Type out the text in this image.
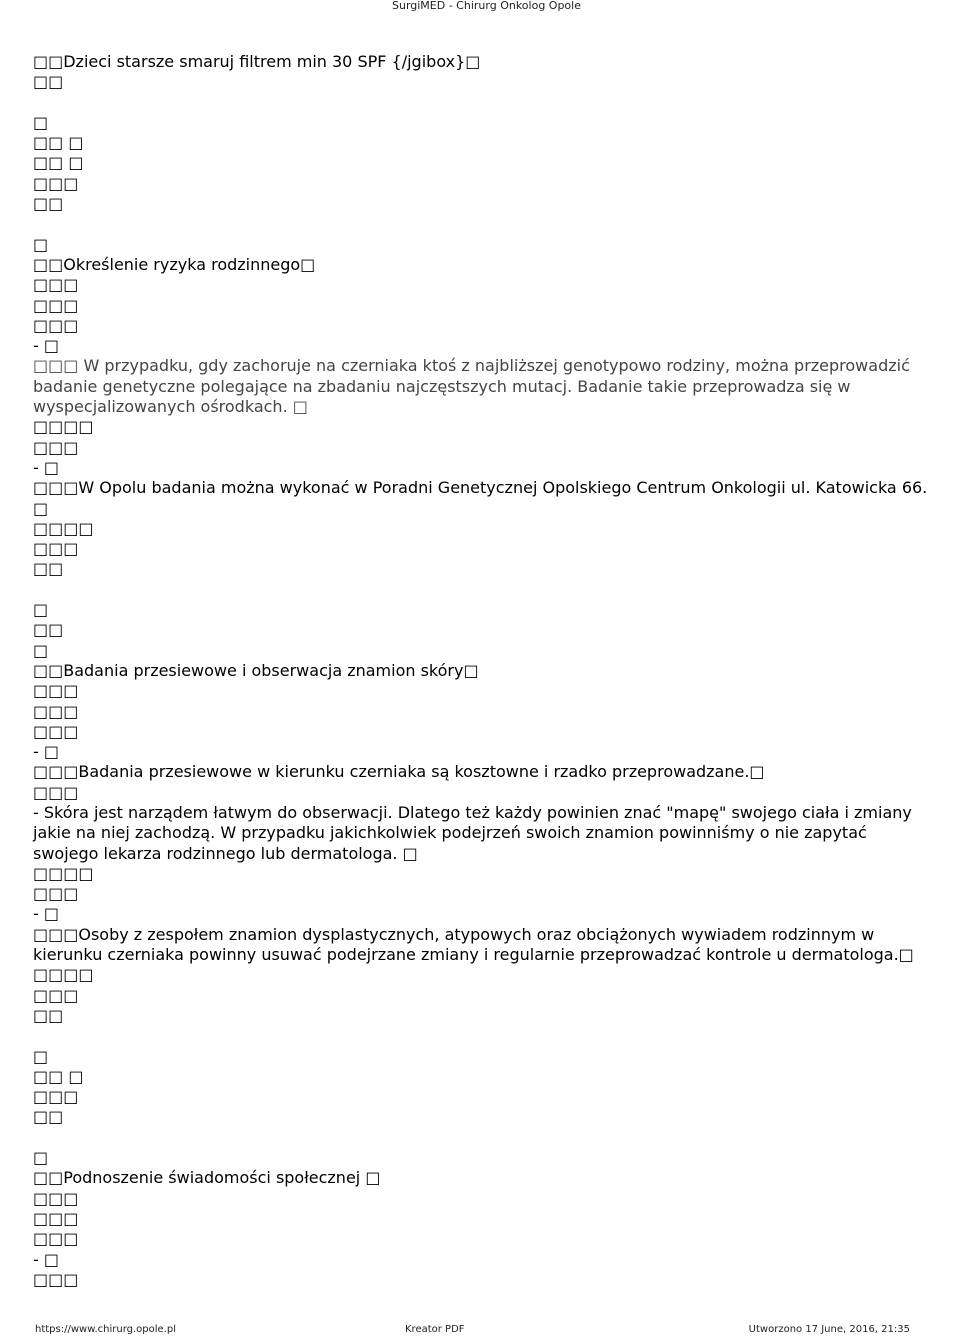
SurgiMED - Chirurg Onkolog Opole
□□Dzieci starsze smaruj filtrem min 30 SPF {/jgibox}□
□□
□
□□ □
□□ □
□□□
□□
□
□□Określenie ryzyka rodzinnego□
□□□
□□□
□□□
- □
□□□ W przypadku, gdy zachoruje na czerniaka ktoś z najbliższej genotypowo rodziny, można przeprowadzić badanie genetyczne polegające na zbadaniu najczęstszych mutacj. Badanie takie przeprowadza się w wyspecjalizowanych ośrodkach. □
□□□□
□□□
- □
□□□W Opolu badania można wykonać w Poradni Genetycznej Opolskiego Centrum Onkologii ul. Katowicka 66. □
□□□□
□□□
□□
□
□□
□
□□Badania przesiewowe i obserwacja znamion skóry□
□□□
□□□
□□□
- □
□□□Badania przesiewowe w kierunku czerniaka są kosztowne i rzadko przeprowadzane.□
□□□
- Skóra jest narządem łatwym do obserwacji. Dlatego też każdy powinien znać "mapę" swojego ciała i zmiany jakie na niej zachodzą. W przypadku jakichkolwiek podejrzeń swoich znamion powinniśmy o nie zapytać swojego lekarza rodzinnego lub dermatologa. □
□□□□
□□□
- □
□□□Osoby z zespołem znamion dysplastycznych, atypowych oraz obciążonych wywiadem rodzinnym w kierunku czerniaka powinny usuwać podejrzane zmiany i regularnie przeprowadzać kontrole u dermatologa.□
□□□□
□□□
□□
□
□□ □
□□□
□□
□
□□Podnoszenie świadomości społecznej □
□□□
□□□
□□□
- □
□□□
https://www.chirurg.opole.pl	Kreator PDF	Utworzono 17 June, 2016, 21:35
